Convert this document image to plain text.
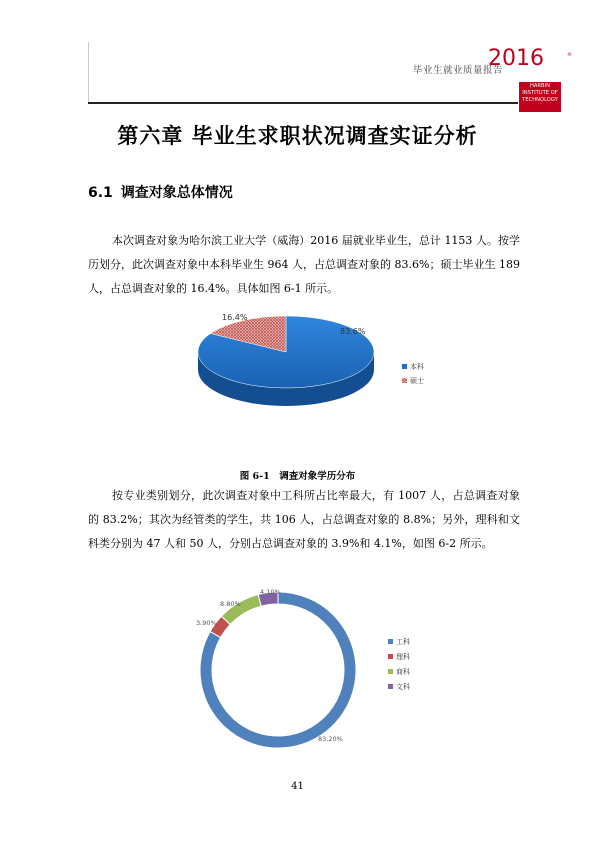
毕业生就业质量报告
2016	®
HARBIN
INSTITUTE OF
TECHNOLOGY
第六章 毕业生求职状况调查实证分析
6.1 调查对象总体情况
本次调查对象为哈尔滨工业大学（威海）2016 届就业毕业生，总计 1153 人。按学历划分，此次调查对象中本科毕业生 964 人，占总调查对象的 83.6%；硕士毕业生 189 人，占总调查对象的 16.4%。具体如图 6-1 所示。
83.6%
16.4%
本科
硕士
图 6-1　调查对象学历分布
按专业类别划分，此次调查对象中工科所占比率最大，有 1007 人，占总调查对象的 83.2%；其次为经管类的学生，共 106 人，占总调查对象的 8.8%；另外，理科和文科类分别为 47 人和 50 人，分别占总调查对象的 3.9%和 4.1%，如图 6-2 所示。
83.20%
3.90%
8.80%
4.10%
工科
理科
商科
文科
41
